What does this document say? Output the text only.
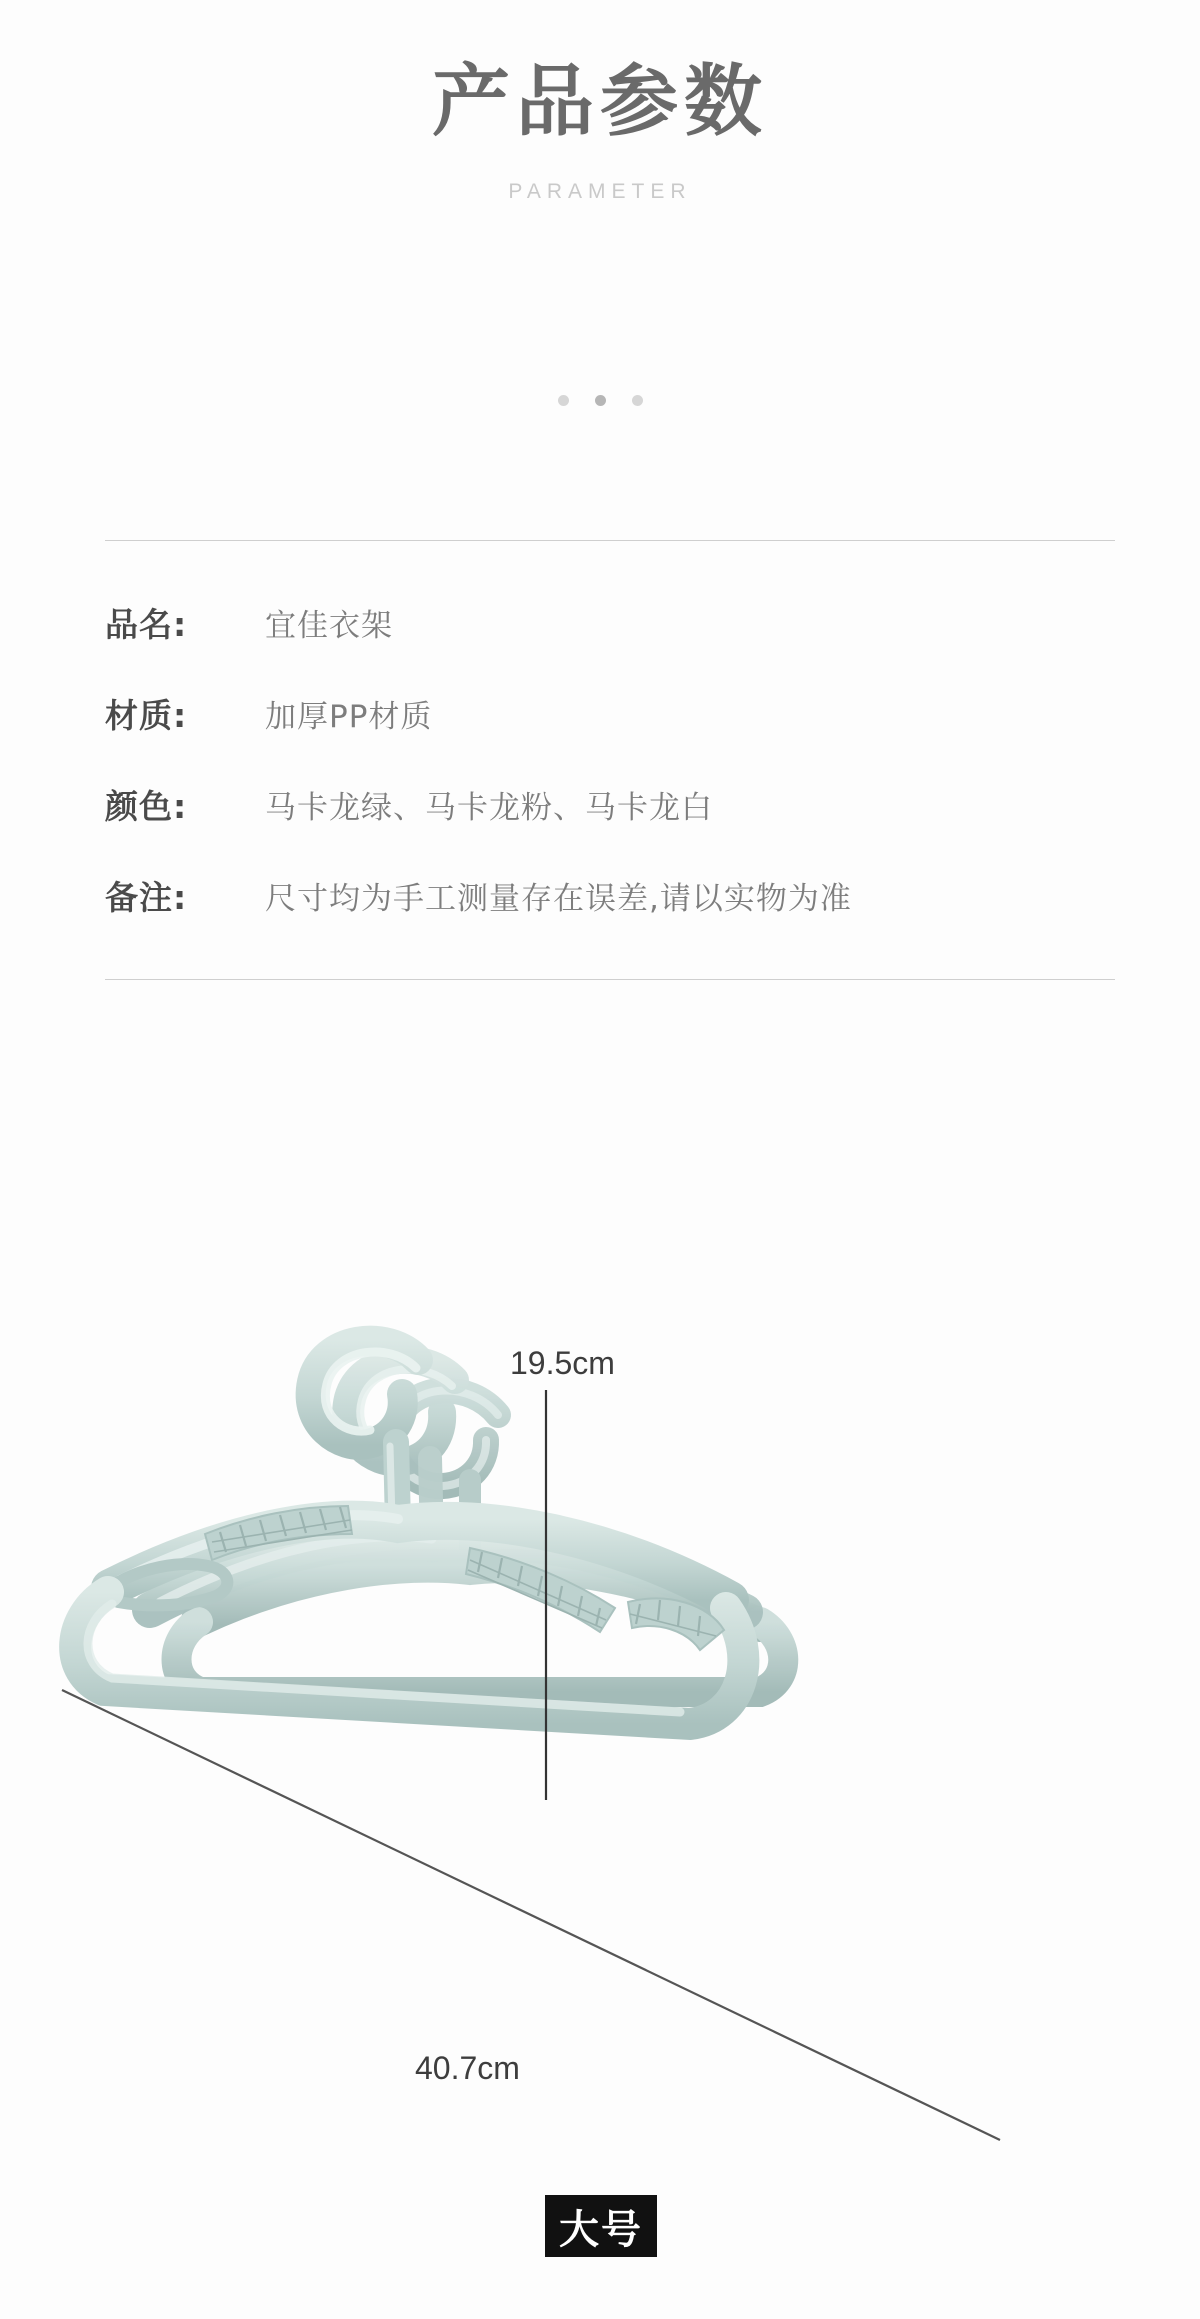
产品参数
PARAMETER
品名:	宜佳衣架
材质:	加厚PP材质
颜色:	马卡龙绿、马卡龙粉、马卡龙白
备注:	尺寸均为手工测量存在误差,请以实物为准
19.5cm
40.7cm
大号
